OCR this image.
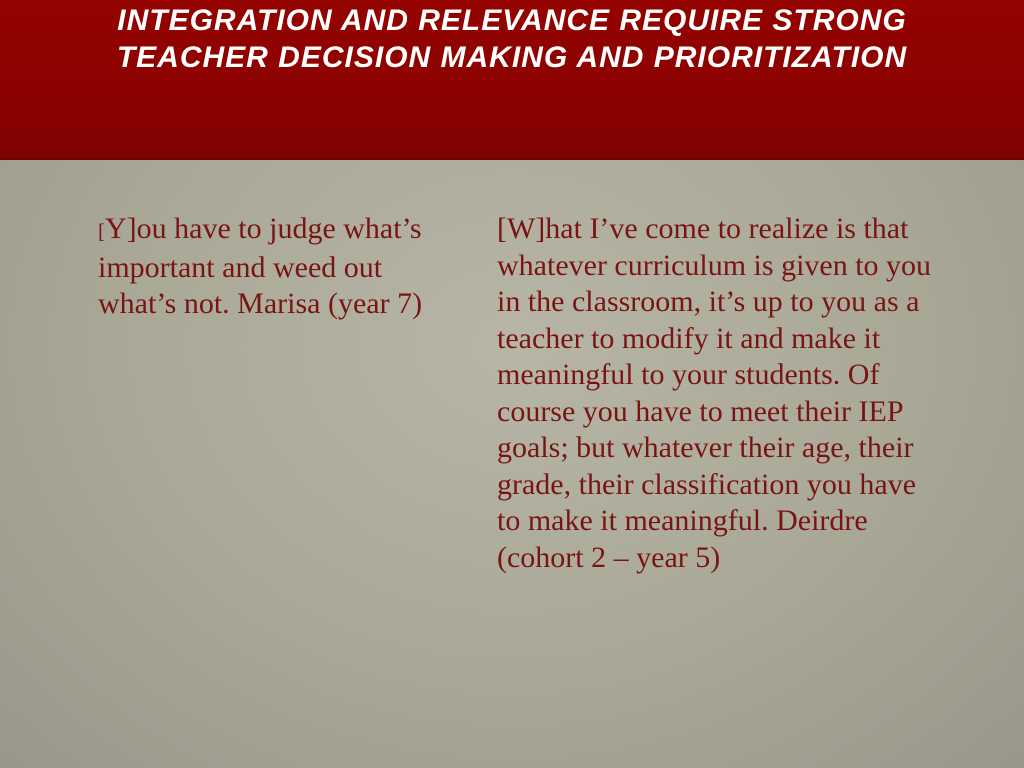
INTEGRATION AND RELEVANCE REQUIRE STRONG TEACHER DECISION MAKING AND PRIORITIZATION

[Y]ou have to judge what’s important and weed out what’s not. Marisa (year 7)

[W]hat I’ve come to realize is that whatever curriculum is given to you in the classroom, it’s up to you as a teacher to modify it and make it meaningful to your students. Of course you have to meet their IEP goals; but whatever their age, their grade, their classification you have to make it meaningful. Deirdre (cohort 2 – year 5)
